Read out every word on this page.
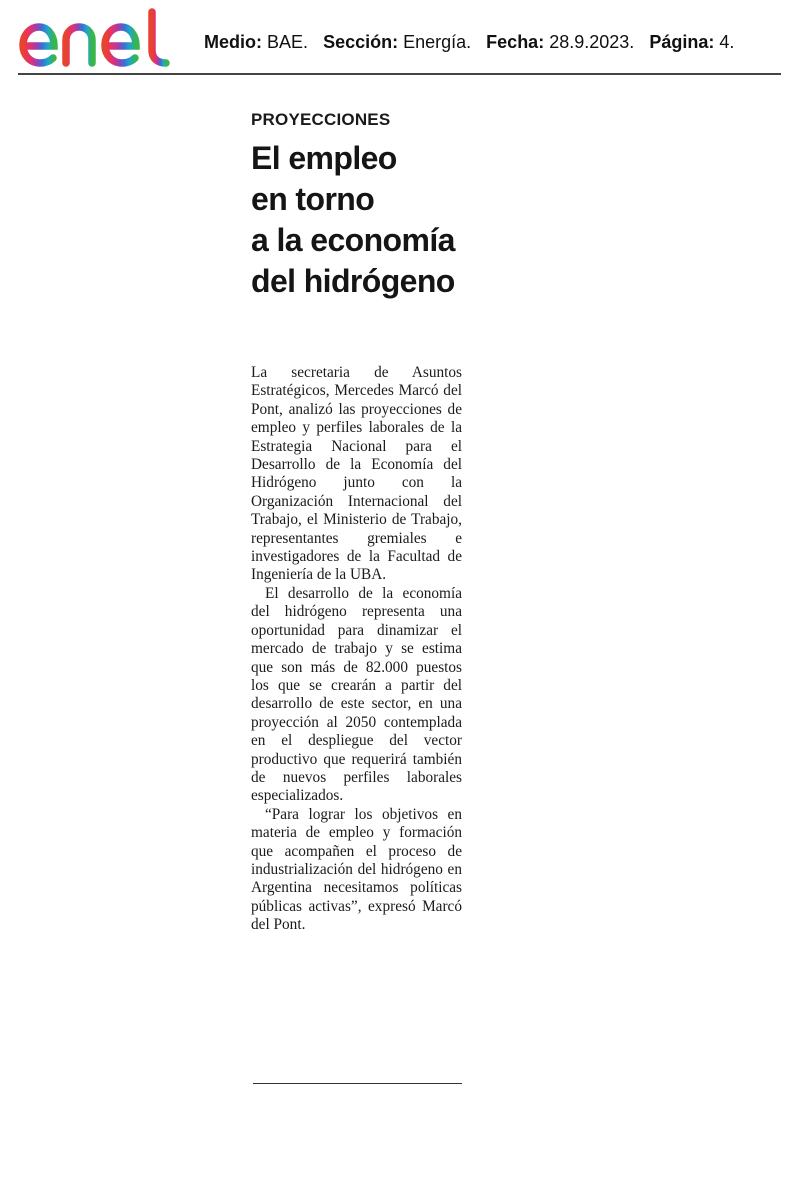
Medio: BAE. Sección: Energía. Fecha: 28.9.2023. Página: 4.

PROYECCIONES

El empleo
en torno
a la economía
del hidrógeno

La secretaria de Asuntos Estratégicos, Mercedes Marcó del Pont, analizó las proyecciones de empleo y perfiles laborales de la Estrategia Nacional para el Desarrollo de la Economía del Hidrógeno junto con la Organización Internacional del Trabajo, el Ministerio de Trabajo, representantes gremiales e investigadores de la Facultad de Ingeniería de la UBA.

El desarrollo de la economía del hidrógeno representa una oportunidad para dinamizar el mercado de trabajo y se estima que son más de 82.000 puestos los que se crearán a partir del desarrollo de este sector, en una proyección al 2050 contemplada en el despliegue del vector productivo que requerirá también de nuevos perfiles laborales especializados.

“Para lograr los objetivos en materia de empleo y formación que acompañen el proceso de industrialización del hidrógeno en Argentina necesitamos políticas públicas activas”, expresó Marcó del Pont.
